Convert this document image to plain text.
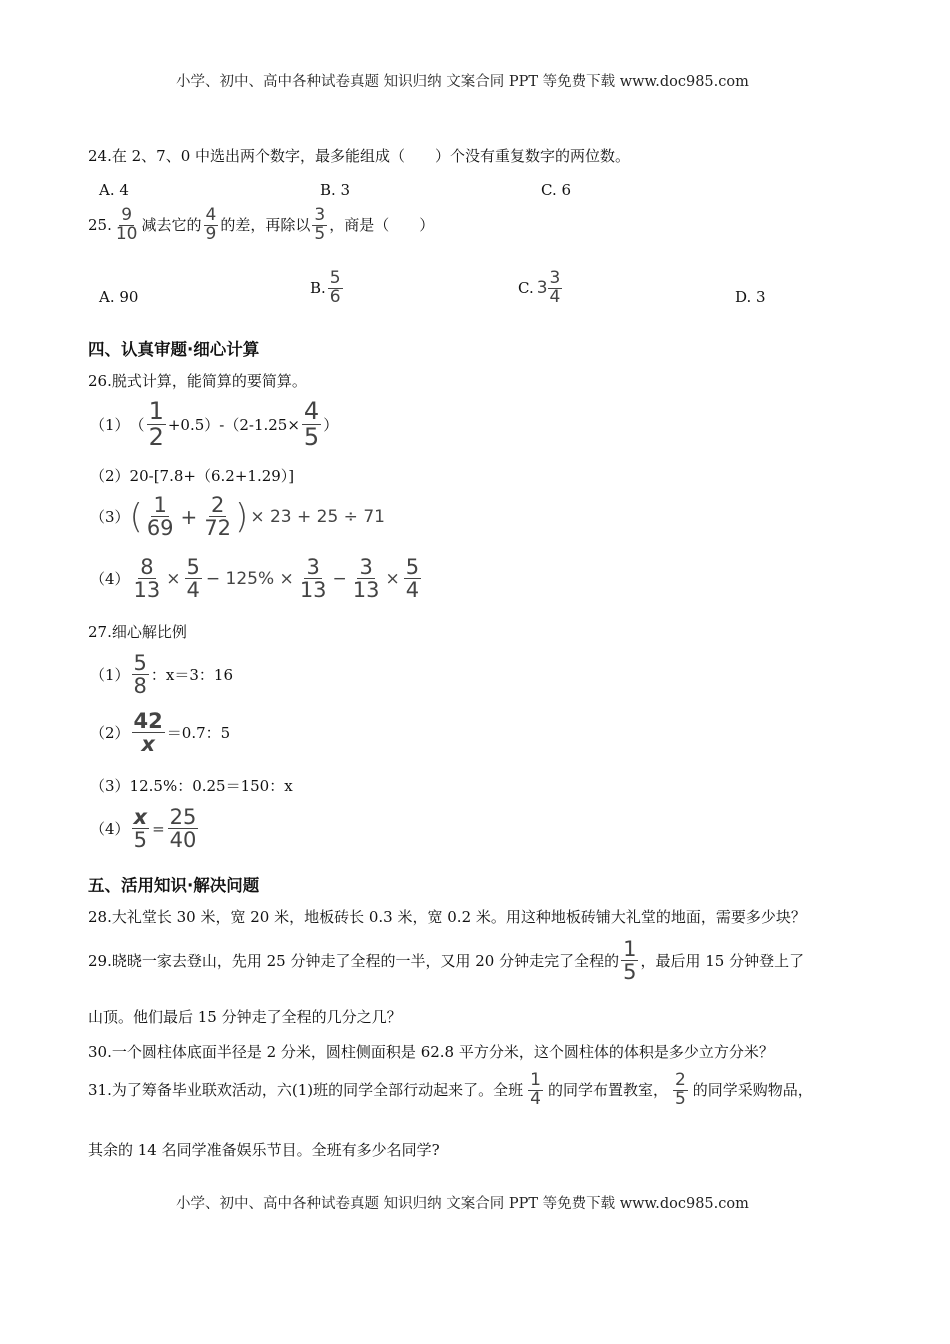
小学、初中、高中各种试卷真题 知识归纳 文案合同 PPT 等免费下载 www.doc985.com
24.在 2、7、0 中选出两个数字，最多能组成（　　）个没有重复数字的两位数。
A. 4	B. 3	C. 6
25. $\frac{9}{10}$ 减去它的 $\frac{4}{9}$ 的差，再除以 $\frac{3}{5}$ ，商是（　　）
A. 90	B. $\frac{5}{6}$	C. $3 \frac{3}{4}$	D. 3
四、认真审题·细心计算
26.脱式计算，能简算的要简算。
（1） （ $\frac{1}{2} +0.5)-(2-1.25\times \frac{4}{5}$ ）
（2）20-[7.8+（6.2+1.29）]
（3） ( $\frac{1}{69} + \frac{2}{72}$ ) × 23 + 25 ÷ 71
$(4) \frac{8}{13} \times \frac{5}{4} - 125\% \times \frac{3}{13} - \frac{3}{13} \times \frac{5}{4}$
27.细心解比例
$(1) \frac{5}{8}$ ：x＝3：16
$(2) \frac{42}{x} =0.7$：5
（3）12.5%：0.25＝150：x
$(4) \frac{x}{5} = \frac{25}{40}$
五、活用知识·解决问题
28.大礼堂长 30 米，宽 20 米，地板砖长 0.3 米，宽 0.2 米。用这种地板砖铺大礼堂的地面，需要多少块？
29.晓晓一家去登山，先用 25 分钟走了全程的一半，又用 20 分钟走完了全程的 $\frac{1}{5}$ ，最后用 15 分钟登上了
山顶。他们最后 15 分钟走了全程的几分之几？
30.一个圆柱体底面半径是 2 分米，圆柱侧面积是 62.8 平方分米，这个圆柱体的体积是多少立方分米？
31.为了筹备毕业联欢活动，六(1)班的同学全部行动起来了。全班 $\frac{1}{4}$ 的同学布置教室， $\frac{2}{5}$ 的同学采购物品，
其余的 14 名同学准备娱乐节目。全班有多少名同学?
小学、初中、高中各种试卷真题 知识归纳 文案合同 PPT 等免费下载 www.doc985.com
